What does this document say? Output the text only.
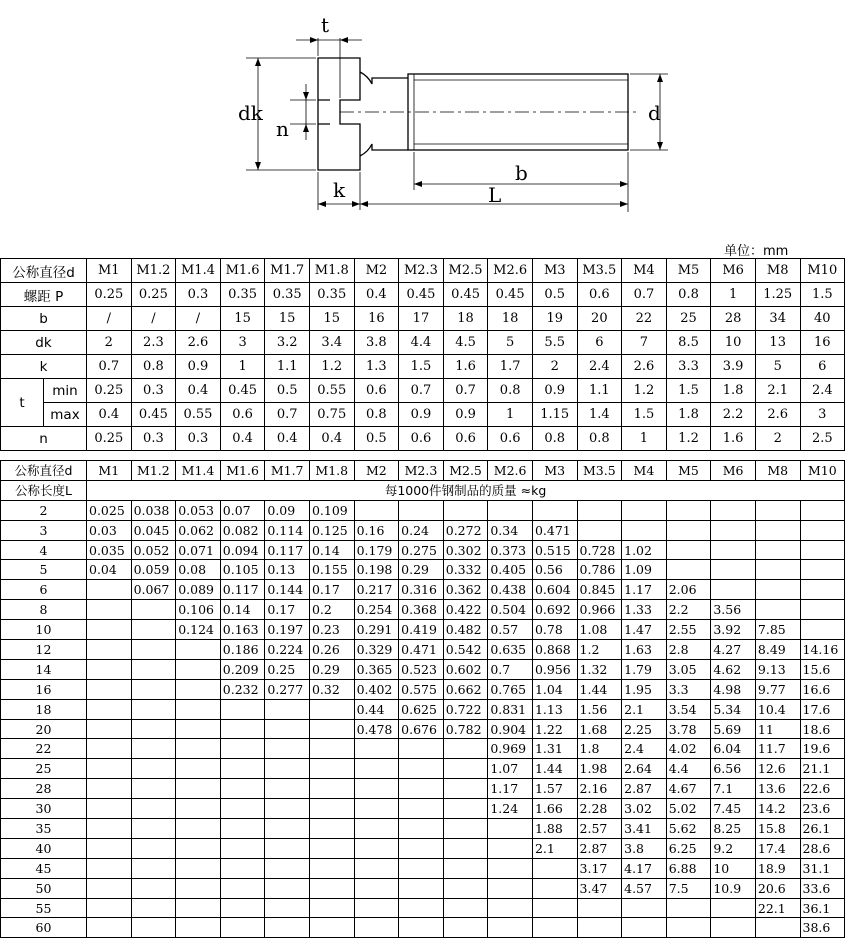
t
dk
n
d
k
b
L
单位：mm
公称直径d		M1	M1.2	M1.4	M1.6	M1.7	M1.8	M2	M2.3	M2.5	M2.6	M3	M3.5	M4	M5	M6	M8	M10
螺距 P		0.25	0.25	0.3	0.35	0.35	0.35	0.4	0.45	0.45	0.45	0.5	0.6	0.7	0.8	1	1.25	1.5
b		/	/	/	15	15	15	16	17	18	18	19	20	22	25	28	34	40
dk		2	2.3	2.6	3	3.2	3.4	3.8	4.4	4.5	5	5.5	6	7	8.5	10	13	16
k		0.7	0.8	0.9	1	1.1	1.2	1.3	1.5	1.6	1.7	2	2.4	2.6	3.3	3.9	5	6
t	min	0.25	0.3	0.4	0.45	0.5	0.55	0.6	0.7	0.7	0.8	0.9	1.1	1.2	1.5	1.8	2.1	2.4
	max	0.4	0.45	0.55	0.6	0.7	0.75	0.8	0.9	0.9	1	1.15	1.4	1.5	1.8	2.2	2.6	3
n		0.25	0.3	0.3	0.4	0.4	0.4	0.5	0.6	0.6	0.6	0.8	0.8	1	1.2	1.6	2	2.5
公称直径d	M1	M1.2	M1.4	M1.6	M1.7	M1.8	M2	M2.3	M2.5	M2.6	M3	M3.5	M4	M5	M6	M8	M10
公称长度L	每1000件钢制品的质量 ≈kg																
2	0.025	0.038	0.053	0.07	0.09	0.109											
3	0.03	0.045	0.062	0.082	0.114	0.125	0.16	0.24	0.272	0.34	0.471						
4	0.035	0.052	0.071	0.094	0.117	0.14	0.179	0.275	0.302	0.373	0.515	0.728	1.02				
5	0.04	0.059	0.08	0.105	0.13	0.155	0.198	0.29	0.332	0.405	0.56	0.786	1.09				
6		0.067	0.089	0.117	0.144	0.17	0.217	0.316	0.362	0.438	0.604	0.845	1.17	2.06			
8			0.106	0.14	0.17	0.2	0.254	0.368	0.422	0.504	0.692	0.966	1.33	2.2	3.56		
10			0.124	0.163	0.197	0.23	0.291	0.419	0.482	0.57	0.78	1.08	1.47	2.55	3.92	7.85	
12				0.186	0.224	0.26	0.329	0.471	0.542	0.635	0.868	1.2	1.63	2.8	4.27	8.49	14.16
14				0.209	0.25	0.29	0.365	0.523	0.602	0.7	0.956	1.32	1.79	3.05	4.62	9.13	15.6
16				0.232	0.277	0.32	0.402	0.575	0.662	0.765	1.04	1.44	1.95	3.3	4.98	9.77	16.6
18							0.44	0.625	0.722	0.831	1.13	1.56	2.1	3.54	5.34	10.4	17.6
20							0.478	0.676	0.782	0.904	1.22	1.68	2.25	3.78	5.69	11	18.6
22										0.969	1.31	1.8	2.4	4.02	6.04	11.7	19.6
25										1.07	1.44	1.98	2.64	4.4	6.56	12.6	21.1
28										1.17	1.57	2.16	2.87	4.67	7.1	13.6	22.6
30										1.24	1.66	2.28	3.02	5.02	7.45	14.2	23.6
35											1.88	2.57	3.41	5.62	8.25	15.8	26.1
40											2.1	2.87	3.8	6.25	9.2	17.4	28.6
45												3.17	4.17	6.88	10	18.9	31.1
50												3.47	4.57	7.5	10.9	20.6	33.6
55																22.1	36.1
60																	38.6
